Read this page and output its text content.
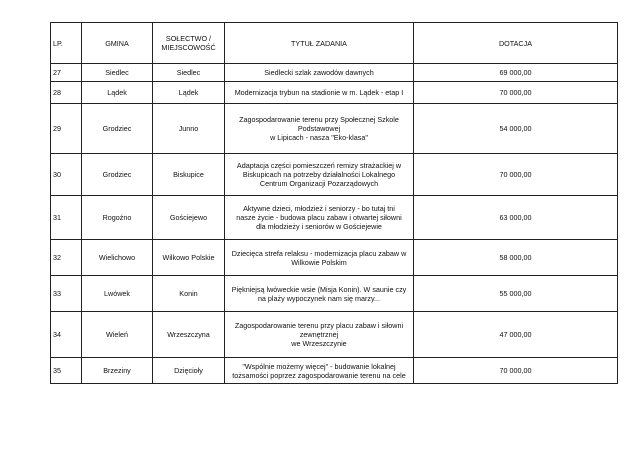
LP.	GMINA	SOŁECTWO /
MIEJSCOWOŚĆ	TYTUŁ ZADANIA	DOTACJA
27	Siedlec	Siedlec	Siedlecki szlak zawodów dawnych	69 000,00
28	Lądek	Lądek	Modernizacja trybun na stadionie w m. Lądek - etap I	70 000,00
29	Grodziec	Junno	Zagospodarowanie terenu przy Społecznej Szkole
Podstawowej
w Lipicach - nasza "Eko-klasa"	54 000,00
30	Grodziec	Biskupice	Adaptacja części pomieszczeń remizy strażackiej w
Biskupicach na potrzeby działalności Lokalnego
Centrum Organizacji Pozarządowych	70 000,00
31	Rogoźno	Gościejewo	Aktywne dzieci, młodzież i seniorzy - bo tutaj tni
nasze życie - budowa placu zabaw i otwartej siłowni
dla młodzieży i seniorów w Gościejewie	63 000,00
32	Wielichowo	Wilkowo Polskie	Dziecięca strefa relaksu - modernizacja placu zabaw w
Wilkowie Polskim	58 000,00
33	Lwówek	Konin	Piękniejsą lwóweckie wsie (Misja Konin). W saunie czy
na plaży wypoczynek nam się marzy...	55 000,00
34	Wieleń	Wrzeszczyna	Zagospodarowanie terenu przy placu zabaw i siłowni
zewnętrznej
we Wrzeszczynie	47 000,00
35	Brzeziny	Dzięciołу	"Wspólnie możemy więcej" - budowanie lokalnej
tożsamości poprzez zagospodarowanie terenu na cele	70 000,00
